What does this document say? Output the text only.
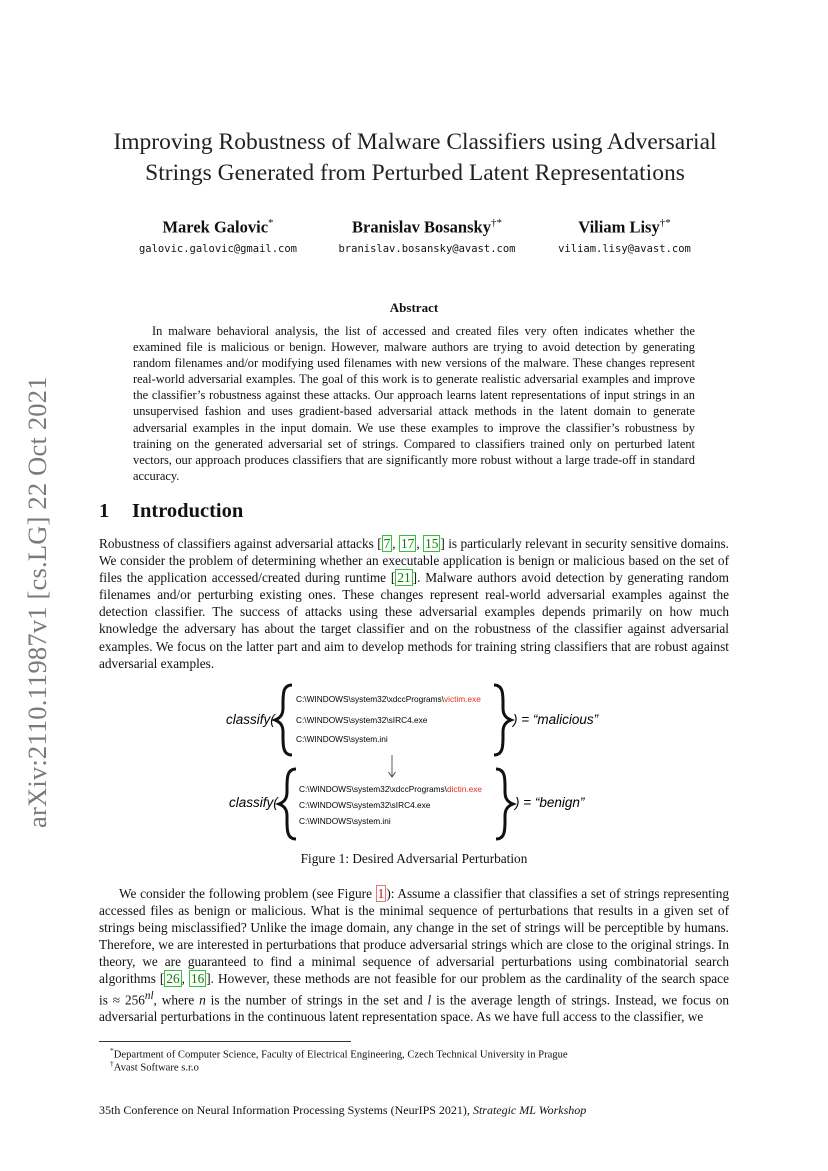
arXiv:2110.11987v1 [cs.LG] 22 Oct 2021
Improving Robustness of Malware Classifiers using Adversarial
Strings Generated from Perturbed Latent Representations
Marek Galovic*
galovic.galovic@gmail.com
Branislav Bosansky†*
branislav.bosansky@avast.com
Viliam Lisy†*
viliam.lisy@avast.com
Abstract

In malware behavioral analysis, the list of accessed and created files very often indicates whether the examined file is malicious or benign. However, malware authors are trying to avoid detection by generating random filenames and/or modifying used filenames with new versions of the malware. These changes represent real-world adversarial examples. The goal of this work is to generate realistic adversarial examples and improve the classifier’s robustness against these attacks. Our approach learns latent representations of input strings in an unsupervised fashion and uses gradient-based adversarial attack methods in the latent domain to generate adversarial examples in the input domain. We use these examples to improve the classifier’s robustness by training on the generated adversarial set of strings. Compared to classifiers trained only on perturbed latent vectors, our approach produces classifiers that are significantly more robust without a large trade-off in standard accuracy.

1 Introduction

Robustness of classifiers against adversarial attacks [ 7 , 17 , 15 ] is particularly relevant in security sensitive domains. We consider the problem of determining whether an executable application is benign or malicious based on the set of files the application accessed/created during runtime [ 21 ]. Malware authors avoid detection by generating random filenames and/or perturbing existing ones. These changes represent real-world adversarial examples against the detection classifier. The success of attacks using these adversarial examples depends primarily on how much knowledge the adversary has about the target classifier and on the robustness of the classifier against adversarial examples. We focus on the latter part and aim to develop methods for training string classifiers that are robust against adversarial examples.

classify(
C:\WINDOWS\system32\xdccPrograms\victim.exe
C:\WINDOWS\system32\sIRC4.exe
C:\WINDOWS\system.ini
) = “malicious”
classify(
C:\WINDOWS\system32\xdccPrograms\dictin.exe
C:\WINDOWS\system32\sIRC4.exe
C:\WINDOWS\system.ini
) = “benign”
Figure 1: Desired Adversarial Perturbation

We consider the following problem (see Figure 1 ): Assume a classifier that classifies a set of strings representing accessed files as benign or malicious. What is the minimal sequence of perturbations that results in a given set of strings being misclassified? Unlike the image domain, any change in the set of strings will be perceptible by humans. Therefore, we are interested in perturbations that produce adversarial strings which are close to the original strings. In theory, we are guaranteed to find a minimal sequence of adversarial perturbations using combinatorial search algorithms [ 26 , 16 ]. However, these methods are not feasible for our problem as the cardinality of the search space is ≈ $256^{nl}$, where n is the number of strings in the set and l is the average length of strings. Instead, we focus on adversarial perturbations in the continuous latent representation space. As we have full access to the classifier, we

*Department of Computer Science, Faculty of Electrical Engineering, Czech Technical University in Prague
†Avast Software s.r.o
35th Conference on Neural Information Processing Systems (NeurIPS 2021), Strategic ML Workshop
